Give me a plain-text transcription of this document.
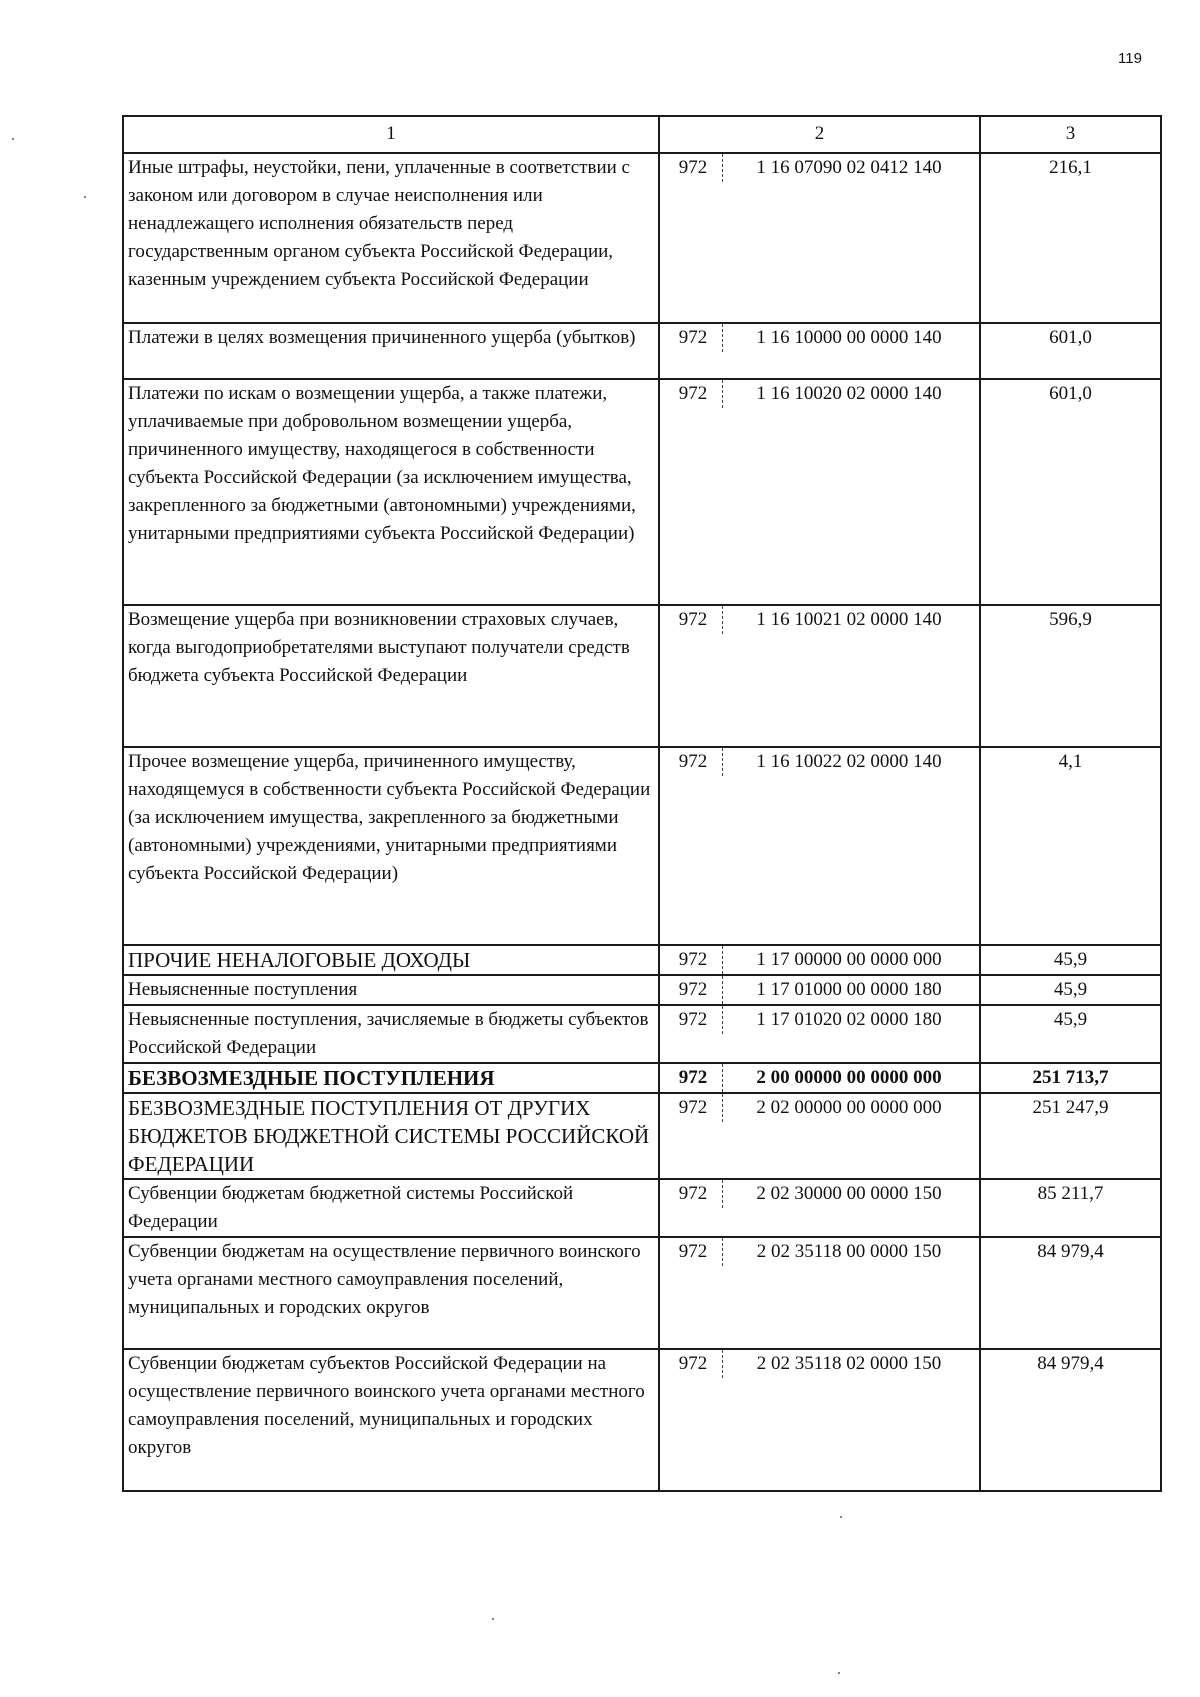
119
1	2	3
Иные штрафы, неустойки, пени, уплаченные в соответствии с законом или договором в случае неисполнения или ненадлежащего исполнения обязательств перед государственным органом субъекта Российской Федерации, казенным учреждением субъекта Российской Федерации	972 1 16 07090 02 0412 140	216,1
Платежи в целях возмещения причиненного ущерба (убытков)	972 1 16 10000 00 0000 140	601,0
Платежи по искам о возмещении ущерба, а также платежи, уплачиваемые при добровольном возмещении ущерба, причиненного имуществу, находящегося в собственности субъекта Российской Федерации (за исключением имущества, закрепленного за бюджетными (автономными) учреждениями, унитарными предприятиями субъекта Российской Федерации)	972 1 16 10020 02 0000 140	601,0
Возмещение ущерба при возникновении страховых случаев, когда выгодоприобретателями выступают получатели средств бюджета субъекта Российской Федерации	972 1 16 10021 02 0000 140	596,9
Прочее возмещение ущерба, причиненного имуществу, находящемуся в собственности субъекта Российской Федерации (за исключением имущества, закрепленного за бюджетными (автономными) учреждениями, унитарными предприятиями субъекта Российской Федерации)	972 1 16 10022 02 0000 140	4,1
ПРОЧИЕ НЕНАЛОГОВЫЕ ДОХОДЫ	972 1 17 00000 00 0000 000	45,9
Невыясненные поступления	972 1 17 01000 00 0000 180	45,9
Невыясненные поступления, зачисляемые в бюджеты субъектов Российской Федерации	972 1 17 01020 02 0000 180	45,9
БЕЗВОЗМЕЗДНЫЕ ПОСТУПЛЕНИЯ	972 2 00 00000 00 0000 000	251 713,7
БЕЗВОЗМЕЗДНЫЕ ПОСТУПЛЕНИЯ ОТ ДРУГИХ БЮДЖЕТОВ БЮДЖЕТНОЙ СИСТЕМЫ РОССИЙСКОЙ ФЕДЕРАЦИИ	972 2 02 00000 00 0000 000	251 247,9
Субвенции бюджетам бюджетной системы Российской Федерации	972 2 02 30000 00 0000 150	85 211,7
Субвенции бюджетам на осуществление первичного воинского учета органами местного самоуправления поселений, муниципальных и городских округов	972 2 02 35118 00 0000 150	84 979,4
Субвенции бюджетам субъектов Российской Федерации на осуществление первичного воинского учета органами местного самоуправления поселений, муниципальных и городских округов	972 2 02 35118 02 0000 150	84 979,4
